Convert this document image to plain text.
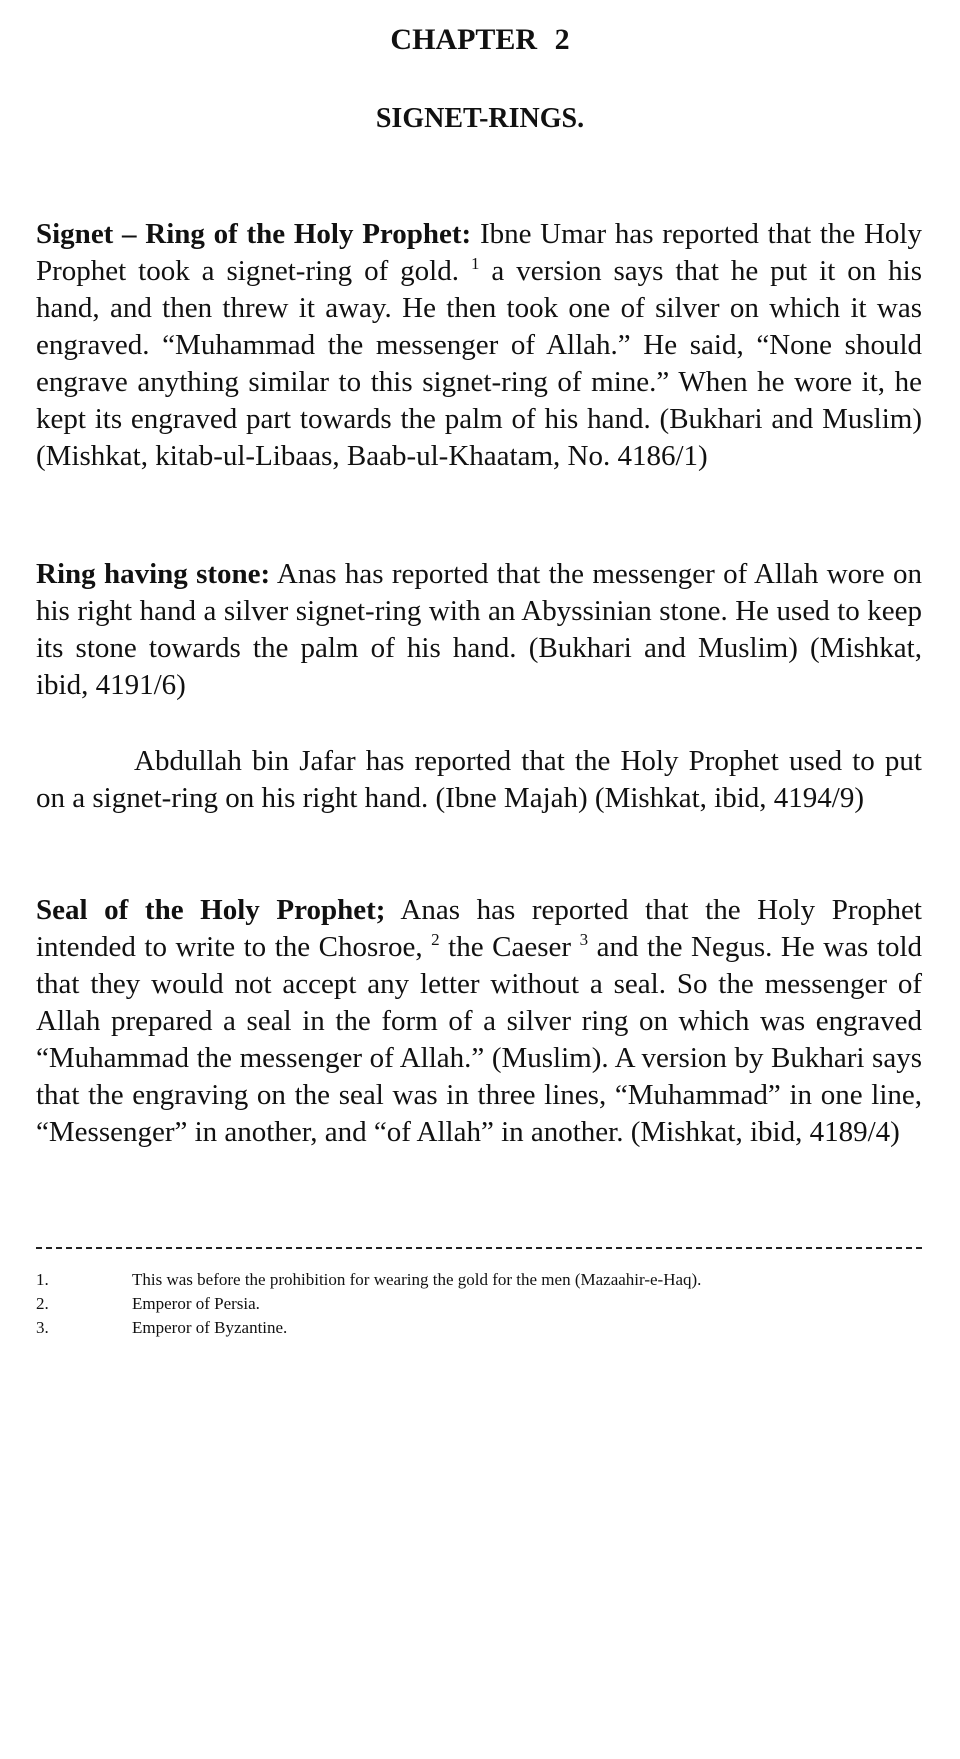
CHAPTER 2
SIGNET-RINGS.

Signet – Ring of the Holy Prophet: Ibne Umar has reported that the Holy Prophet took a signet-ring of gold. $^1$ a version says that he put it on his hand, and then threw it away. He then took one of silver on which it was engraved. “Muhammad the messenger of Allah.” He said, “None should engrave anything similar to this signet-ring of mine.” When he wore it, he kept its engraved part towards the palm of his hand. (Bukhari and Muslim) (Mishkat, kitab-ul-Libaas, Baab-ul-Khaatam, No. 4186/1)

Ring having stone: Anas has reported that the messenger of Allah wore on his right hand a silver signet-ring with an Abyssinian stone. He used to keep its stone towards the palm of his hand. (Bukhari and Muslim) (Mishkat, ibid, 4191/6)

Abdullah bin Jafar has reported that the Holy Prophet used to put on a signet-ring on his right hand. (Ibne Majah) (Mishkat, ibid, 4194/9)

Seal of the Holy Prophet; Anas has reported that the Holy Prophet intended to write to the Chosroe, $^2$ the Caeser $^3$ and the Negus. He was told that they would not accept any letter without a seal. So the messenger of Allah prepared a seal in the form of a silver ring on which was engraved “Muhammad the messenger of Allah.” (Muslim). A version by Bukhari says that the engraving on the seal was in three lines, “Muhammad” in one line, “Messenger” in another, and “of Allah” in another. (Mishkat, ibid, 4189/4)

1.	This was before the prohibition for wearing the gold for the men (Mazaahir-e-Haq).
2.	Emperor of Persia.
3.	Emperor of Byzantine.
